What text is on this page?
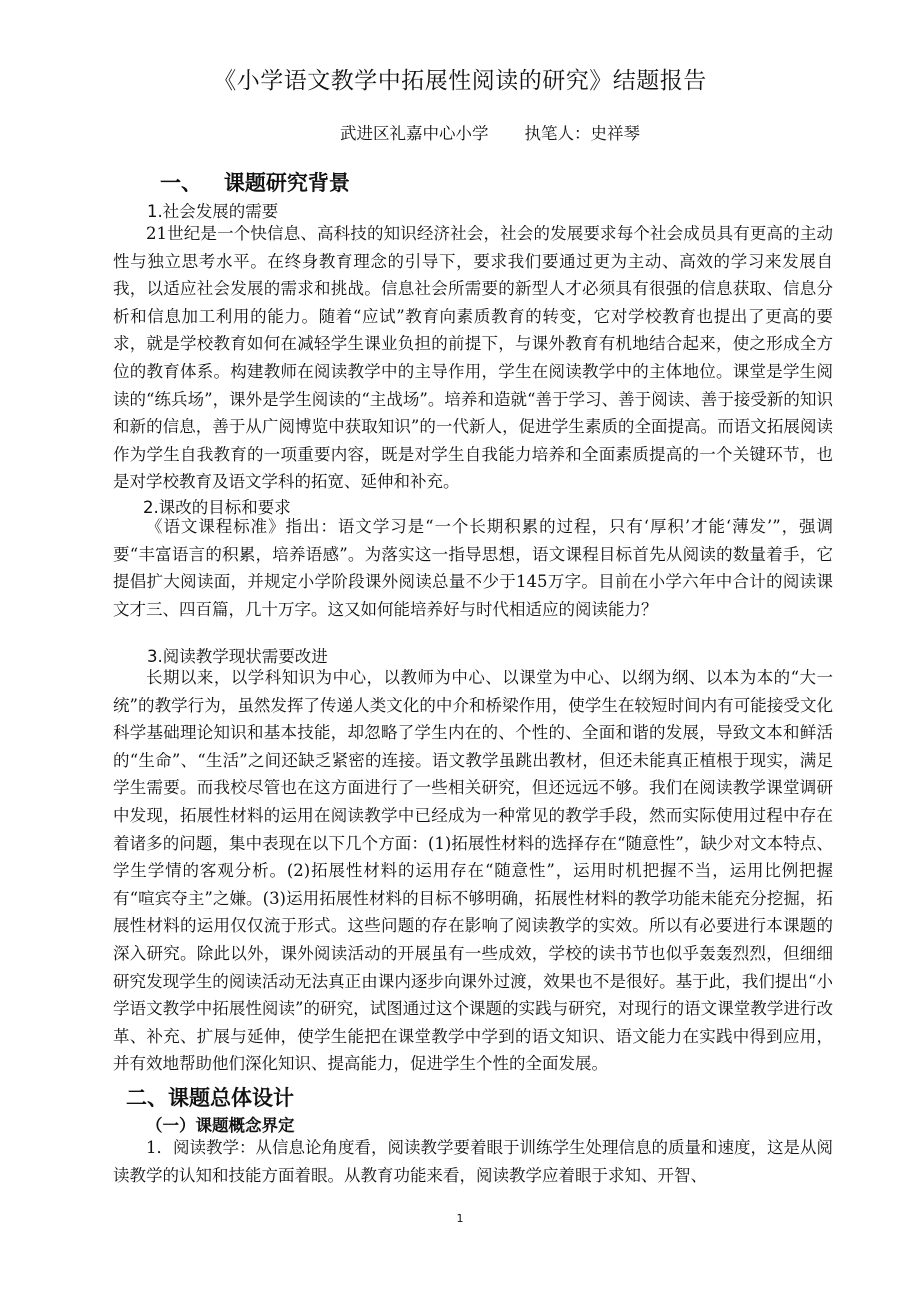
《小学语文教学中拓展性阅读的研究》结题报告
武进区礼嘉中心小学 执笔人：史祥琴
一、   课题研究背景
1.社会发展的需要

21世纪是一个快信息、高科技的知识经济社会，社会的发展要求每个社会成员具有更高的主动性与独立思考水平。在终身教育理念的引导下，要求我们要通过更为主动、高效的学习来发展自我，以适应社会发展的需求和挑战。信息社会所需要的新型人才必须具有很强的信息获取、信息分析和信息加工利用的能力。随着“应试”教育向素质教育的转变，它对学校教育也提出了更高的要求，就是学校教育如何在减轻学生课业负担的前提下，与课外教育有机地结合起来，使之形成全方位的教育体系。构建教师在阅读教学中的主导作用，学生在阅读教学中的主体地位。课堂是学生阅读的“练兵场”，课外是学生阅读的“主战场”。培养和造就“善于学习、善于阅读、善于接受新的知识和新的信息，善于从广阅博览中获取知识”的一代新人，促进学生素质的全面提高。而语文拓展阅读作为学生自我教育的一项重要内容，既是对学生自我能力培养和全面素质提高的一个关键环节，也是对学校教育及语文学科的拓宽、延伸和补充。

2.课改的目标和要求

《语文课程标准》指出：语文学习是“一个长期积累的过程，只有‘厚积’才能‘薄发’”，强调要“丰富语言的积累，培养语感”。为落实这一指导思想，语文课程目标首先从阅读的数量着手，它提倡扩大阅读面，并规定小学阶段课外阅读总量不少于145万字。目前在小学六年中合计的阅读课文才三、四百篇，几十万字。这又如何能培养好与时代相适应的阅读能力？

3.阅读教学现状需要改进

长期以来，以学科知识为中心，以教师为中心、以课堂为中心、以纲为纲、以本为本的“大一统”的教学行为，虽然发挥了传递人类文化的中介和桥梁作用，使学生在较短时间内有可能接受文化科学基础理论知识和基本技能，却忽略了学生内在的、个性的、全面和谐的发展，导致文本和鲜活的“生命”、“生活”之间还缺乏紧密的连接。语文教学虽跳出教材，但还未能真正植根于现实，满足学生需要。而我校尽管也在这方面进行了一些相关研究，但还远远不够。我们在阅读教学课堂调研中发现，拓展性材料的运用在阅读教学中已经成为一种常见的教学手段，然而实际使用过程中存在着诸多的问题，集中表现在以下几个方面：(1)拓展性材料的选择存在“随意性”，缺少对文本特点、学生学情的客观分析。(2)拓展性材料的运用存在“随意性”，运用时机把握不当，运用比例把握有“喧宾夺主”之嫌。(3)运用拓展性材料的目标不够明确，拓展性材料的教学功能未能充分挖掘，拓展性材料的运用仅仅流于形式。这些问题的存在影响了阅读教学的实效。所以有必要进行本课题的深入研究。除此以外，课外阅读活动的开展虽有一些成效，学校的读书节也似乎轰轰烈烈，但细细研究发现学生的阅读活动无法真正由课内逐步向课外过渡，效果也不是很好。基于此，我们提出“小学语文教学中拓展性阅读”的研究，试图通过这个课题的实践与研究，对现行的语文课堂教学进行改革、补充、扩展与延伸，使学生能把在课堂教学中学到的语文知识、语文能力在实践中得到应用，并有效地帮助他们深化知识、提高能力，促进学生个性的全面发展。

二、课题总体设计
（一）课题概念界定

1．阅读教学：从信息论角度看，阅读教学要着眼于训练学生处理信息的质量和速度，这是从阅读教学的认知和技能方面着眼。从教育功能来看，阅读教学应着眼于求知、开智、

1
